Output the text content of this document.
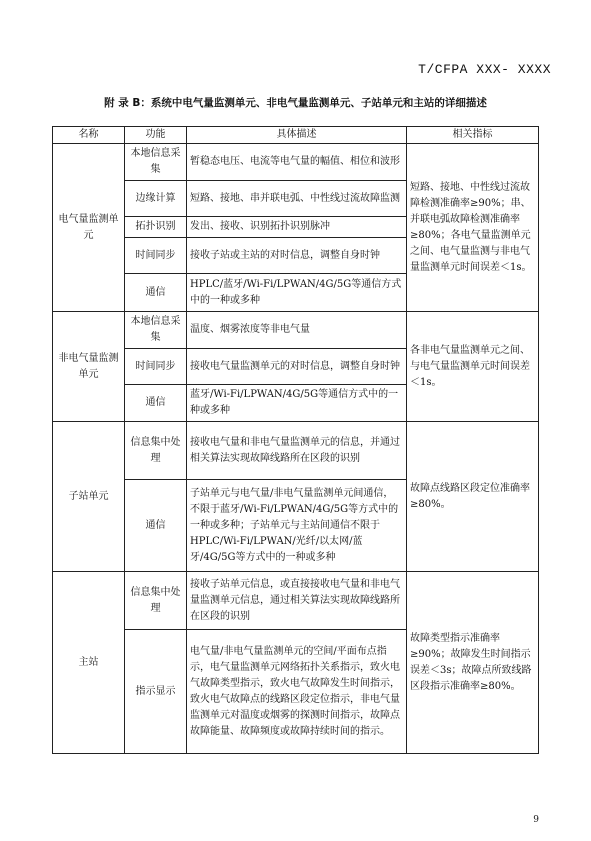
T/CFPA XXX- XXXX
附 录 B：系统中电气量监测单元、非电气量监测单元、子站单元和主站的详细描述
名称	功能	具体描述	相关指标
电气量监测单元	本地信息采集	暂稳态电压、电流等电气量的幅值、相位和波形	短路、接地、中性线过流故障检测准确率≥90%；串、并联电弧故障检测准确率≥80%；各电气量监测单元之间、电气量监测与非电气量监测单元时间误差＜1s。
	边缘计算	短路、接地、串并联电弧、中性线过流故障监测	
	拓扑识别	发出、接收、识别拓扑识别脉冲	
	时间同步	接收子站或主站的对时信息，调整自身时钟	
	通信	HPLC/蓝牙/Wi-Fi/LPWAN/4G/5G等通信方式中的一种或多种	
非电气量监测单元	本地信息采集	温度、烟雾浓度等非电气量	各非电气量监测单元之间、与电气量监测单元时间误差＜1s。
	时间同步	接收电气量监测单元的对时信息，调整自身时钟	
	通信	蓝牙/Wi-Fi/LPWAN/4G/5G等通信方式中的一种或多种	
子站单元	信息集中处理	接收电气量和非电气量监测单元的信息，并通过相关算法实现故障线路所在区段的识别	故障点线路区段定位准确率≥80%。
	通信	子站单元与电气量/非电气量监测单元间通信，不限于蓝牙/Wi-Fi/LPWAN/4G/5G等方式中的一种或多种；子站单元与主站间通信不限于HPLC/Wi-Fi/LPWAN/光纤/以太网/蓝牙/4G/5G等方式中的一种或多种	
主站	信息集中处理	接收子站单元信息，或直接接收电气量和非电气量监测单元信息，通过相关算法实现故障线路所在区段的识别	故障类型指示准确率≥90%；故障发生时间指示误差＜3s；故障点所致线路区段指示准确率≥80%。
	指示显示	电气量/非电气量监测单元的空间/平面布点指示，电气量监测单元网络拓扑关系指示，致火电气故障类型指示，致火电气故障发生时间指示，致火电气故障点的线路区段定位指示，非电气量监测单元对温度或烟雾的探测时间指示，故障点故障能量、故障频度或故障持续时间的指示。	
9
